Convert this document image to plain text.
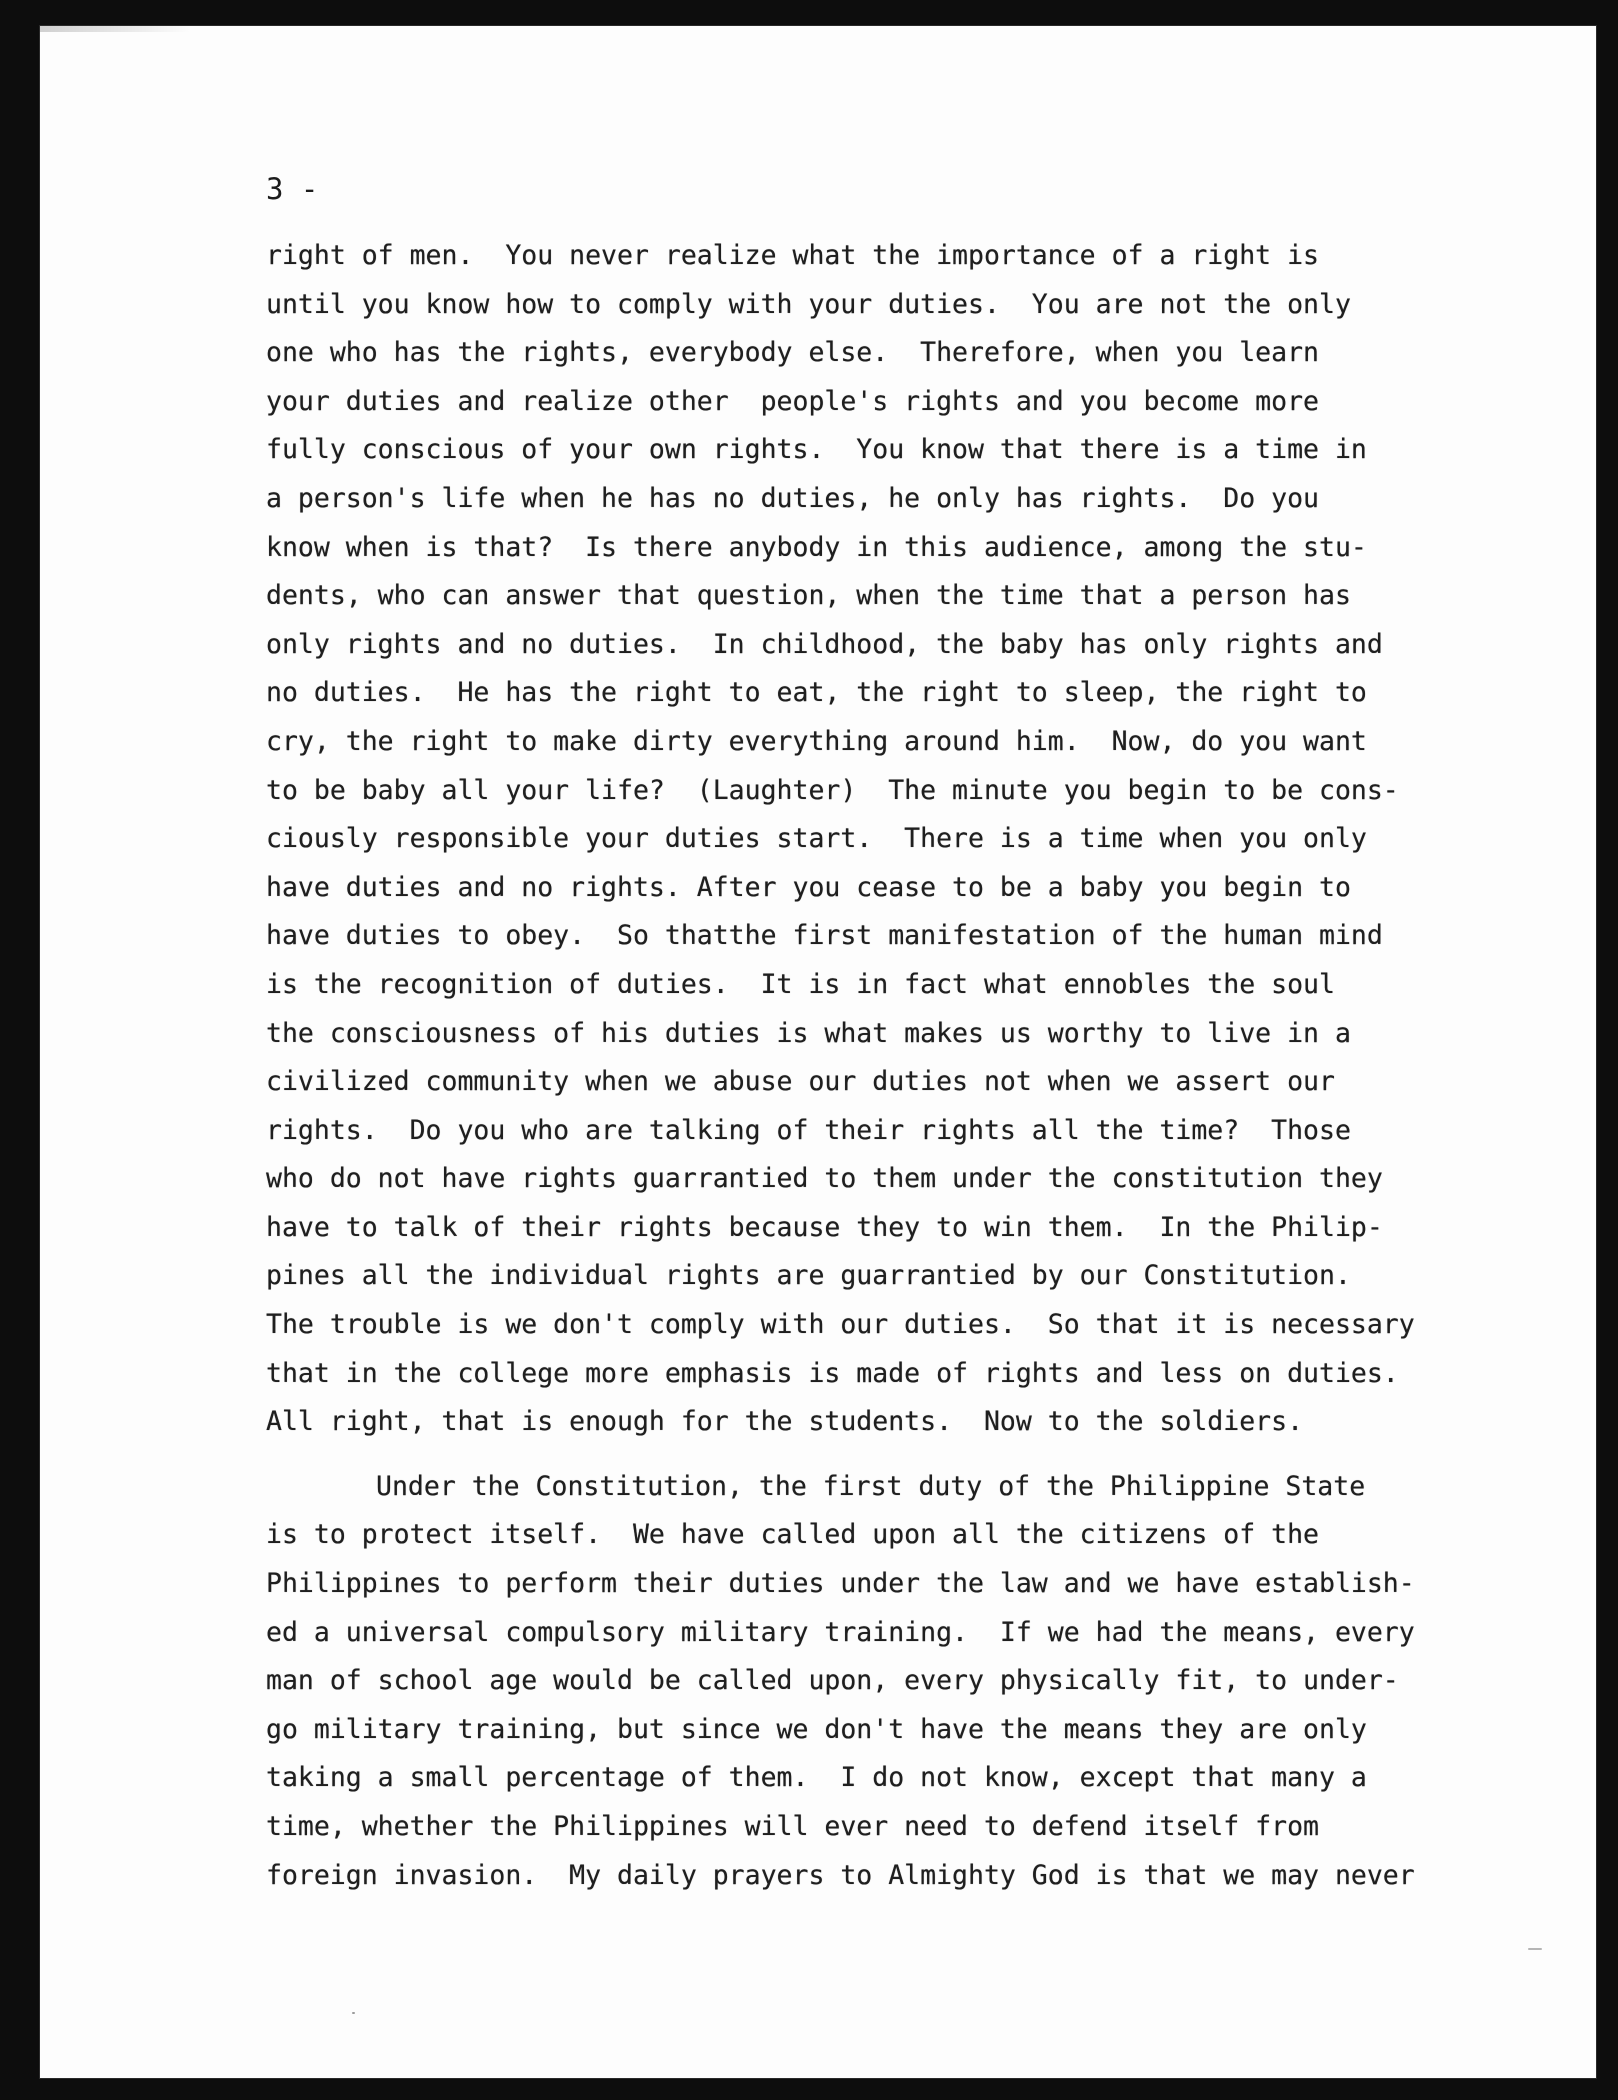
3 -

right of men.  You never realize what the importance of a right is
until you know how to comply with your duties.  You are not the only
one who has the rights, everybody else.  Therefore, when you learn
your duties and realize other  people's rights and you become more
fully conscious of your own rights.  You know that there is a time in
a person's life when he has no duties, he only has rights.  Do you
know when is that?  Is there anybody in this audience, among the stu-
dents, who can answer that question, when the time that a person has
only rights and no duties.  In childhood, the baby has only rights and
no duties.  He has the right to eat, the right to sleep, the right to
cry, the right to make dirty everything around him.  Now, do you want
to be baby all your life?  (Laughter)  The minute you begin to be cons-
ciously responsible your duties start.  There is a time when you only
have duties and no rights. After you cease to be a baby you begin to
have duties to obey.  So thatthe first manifestation of the human mind
is the recognition of duties.  It is in fact what ennobles the soul
the consciousness of his duties is what makes us worthy to live in a
civilized community when we abuse our duties not when we assert our
rights.  Do you who are talking of their rights all the time?  Those
who do not have rights guarrantied to them under the constitution they
have to talk of their rights because they to win them.  In the Philip-
pines all the individual rights are guarrantied by our Constitution.
The trouble is we don't comply with our duties.  So that it is necessary
that in the college more emphasis is made of rights and less on duties.
All right, that is enough for the students.  Now to the soldiers.
Under the Constitution, the first duty of the Philippine State
is to protect itself.  We have called upon all the citizens of the
Philippines to perform their duties under the law and we have establish-
ed a universal compulsory military training.  If we had the means, every
man of school age would be called upon, every physically fit, to under-
go military training, but since we don't have the means they are only
taking a small percentage of them.  I do not know, except that many a
time, whether the Philippines will ever need to defend itself from
foreign invasion.  My daily prayers to Almighty God is that we may never
